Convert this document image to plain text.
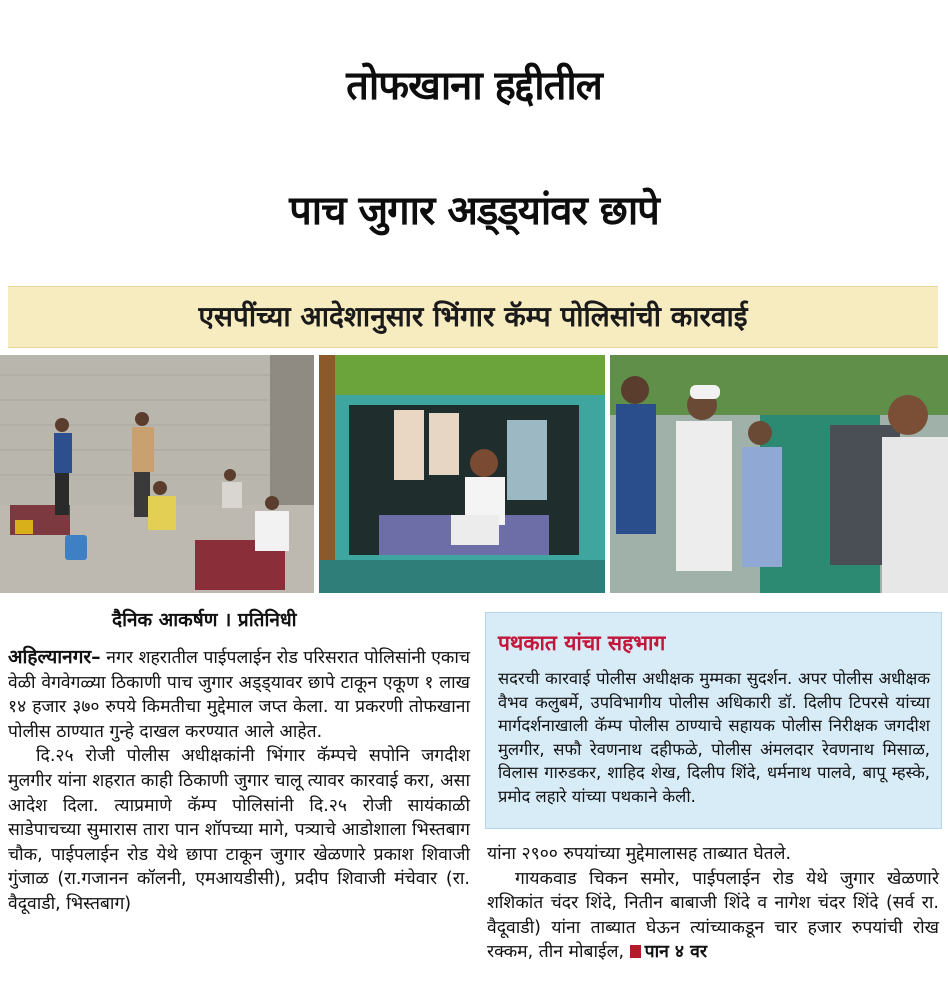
तोफखाना हद्दीतील
पाच जुगार अड्ड्यांवर छापे
एसपींच्या आदेशानुसार भिंगार कॅम्प पोलिसांची कारवाई
दैनिक आकर्षण । प्रतिनिधी

अहिल्यानगर– नगर शहरातील पाईपलाईन रोड परिसरात पोलिसांनी एकाच वेळी वेगवेगळ्या ठिकाणी पाच जुगार अड्ड्यावर छापे टाकून एकूण १ लाख १४ हजार ३७० रुपये किमतीचा मुद्देमाल जप्त केला. या प्रकरणी तोफखाना पोलीस ठाण्यात गुन्हे दाखल करण्यात आले आहेत.

दि.२५ रोजी पोलीस अधीक्षकांनी भिंगार कॅम्पचे सपोनि जगदीश मुलगीर यांना शहरात काही ठिकाणी जुगार चालू त्यावर कारवाई करा, असा आदेश दिला. त्याप्रमाणे कॅम्प पोलिसांनी दि.२५ रोजी सायंकाळी साडेपाचच्या सुमारास तारा पान शॉपच्या मागे, पत्र्याचे आडोशाला भिस्तबाग चौक, पाईपलाईन रोड येथे छापा टाकून जुगार खेळणारे प्रकाश शिवाजी गुंजाळ (रा.गजानन कॉलनी, एमआयडीसी), प्रदीप शिवाजी मंचेवार (रा. वैदूवाडी, भिस्तबाग)

पथकात यांचा सहभाग
सदरची कारवाई पोलीस अधीक्षक मुम्मका सुदर्शन. अपर पोलीस अधीक्षक वैभव कलुबर्मे, उपविभागीय पोलीस अधिकारी डॉ. दिलीप टिपरसे यांच्या मार्गदर्शनाखाली कॅम्प पोलीस ठाण्याचे सहायक पोलीस निरीक्षक जगदीश मुलगीर, सफौ रेवणनाथ दहीफळे, पोलीस अंमलदार रेवणनाथ मिसाळ, विलास गारुडकर, शाहिद शेख, दिलीप शिंदे, धर्मनाथ पालवे, बापू म्हस्के, प्रमोद लहारे यांच्या पथकाने केली.

यांना २९०० रुपयांच्या मुद्देमालासह ताब्यात घेतले.

गायकवाड चिकन समोर, पाईपलाईन रोड येथे जुगार खेळणारे शशिकांत चंदर शिंदे, नितीन बाबाजी शिंदे व नागेश चंदर शिंदे (सर्व रा. वैदूवाडी) यांना ताब्यात घेऊन त्यांच्याकडून चार हजार रुपयांची रोख रक्कम, तीन मोबाईल, पान ४ वर
